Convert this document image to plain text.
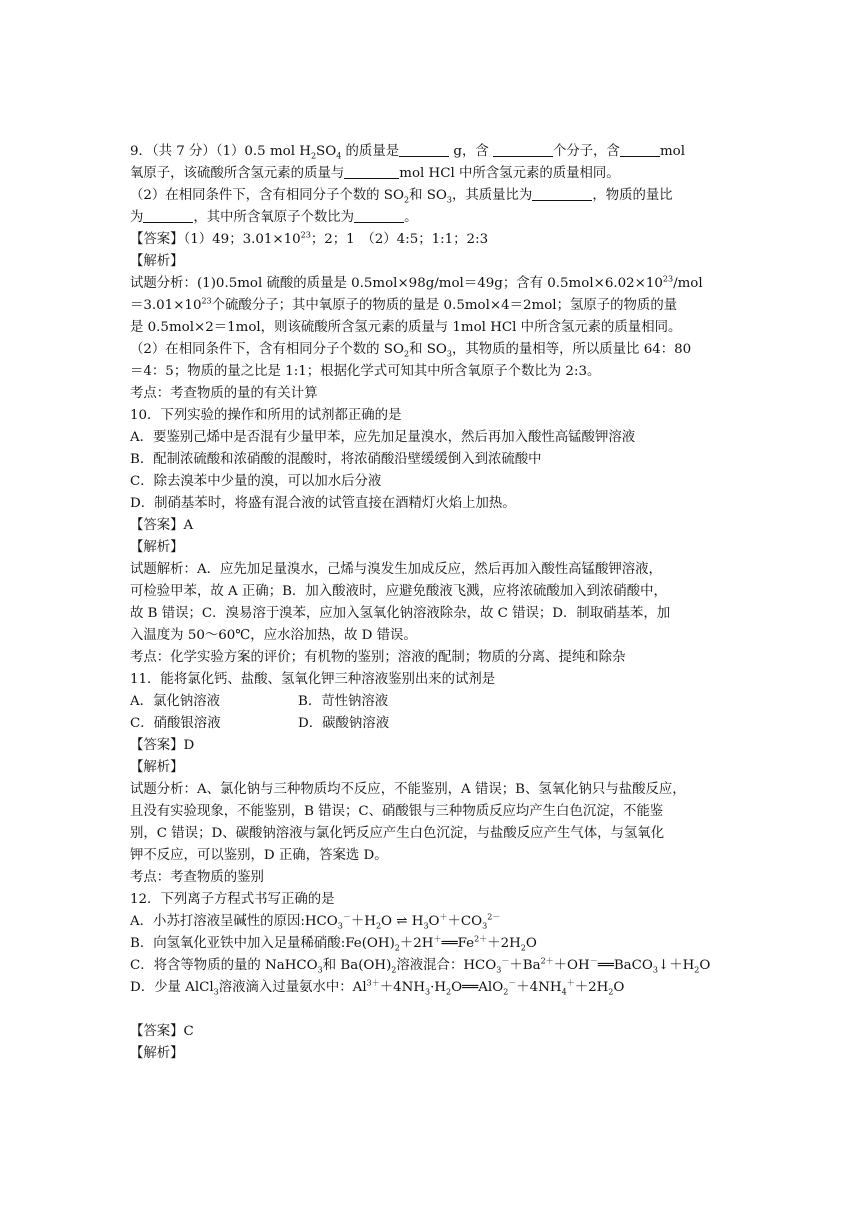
9．（共 7 分）（1）0.5 mol $H_2SO_4$ 的质量是	g，含	个分子，含	mol
氧原子，该硫酸所含氢元素的质量与	mol HCl 中所含氢元素的质量相同。
（2）在相同条件下，含有相同分子个数的 $SO_2$和 $SO_3$，其质量比为	，物质的量比
为	，其中所含氧原子个数比为	。
【答案】（1）49；$3.01\times 10^{23}$；2；1　（2）4:5；1:1；2:3
【解析】
试题分析：(1)0.5mol 硫酸的质量是 0.5mol×98g/mol＝49g；含有 $0.5mol\times 6.02\times 10^{23}$/mol
$=3.01\times 10^{23}$个硫酸分子；其中氧原子的物质的量是 0.5mol×4＝2mol；氢原子的物质的量
是 0.5mol×2＝1mol，则该硫酸所含氢元素的质量与 1mol HCl 中所含氢元素的质量相同。
（2）在相同条件下，含有相同分子个数的 $SO_2$和 $SO_3$，其物质的量相等，所以质量比 64：80
＝4：5；物质的量之比是 1:1；根据化学式可知其中所含氧原子个数比为 2:3。
考点：考查物质的量的有关计算
10．下列实验的操作和所用的试剂都正确的是
A．要鉴别己烯中是否混有少量甲苯，应先加足量溴水，然后再加入酸性高锰酸钾溶液
B．配制浓硫酸和浓硝酸的混酸时，将浓硝酸沿壁缓缓倒入到浓硫酸中
C．除去溴苯中少量的溴，可以加水后分液
D．制硝基苯时，将盛有混合液的试管直接在酒精灯火焰上加热。
【答案】A
【解析】
试题解析：A．应先加足量溴水，己烯与溴发生加成反应，然后再加入酸性高锰酸钾溶液，
可检验甲苯，故 A 正确；B．加入酸液时，应避免酸液飞溅，应将浓硫酸加入到浓硝酸中，
故 B 错误；C．溴易溶于溴苯，应加入氢氧化钠溶液除杂，故 C 错误；D．制取硝基苯，加
入温度为 50～60℃，应水浴加热，故 D 错误。
考点：化学实验方案的评价；有机物的鉴别；溶液的配制；物质的分离、提纯和除杂
11．能将氯化钙、盐酸、氢氧化钾三种溶液鉴别出来的试剂是
A．氯化钠溶液	B．苛性钠溶液
C．硝酸银溶液	D．碳酸钠溶液
【答案】D
【解析】
试题分析：A、氯化钠与三种物质均不反应，不能鉴别，A 错误；B、氢氧化钠只与盐酸反应，
且没有实验现象，不能鉴别，B 错误；C、硝酸银与三种物质反应均产生白色沉淀，不能鉴
别，C 错误；D、碳酸钠溶液与氯化钙反应产生白色沉淀，与盐酸反应产生气体，与氢氧化
钾不反应，可以鉴别，D 正确，答案选 D。
考点：考查物质的鉴别
12．下列离子方程式书写正确的是
A．小苏打溶液呈碱性的原因$:HCO_3^-+H_2O$ ⇌ $H_3O^++CO_3^{2-}$
B．向氢氧化亚铁中加入足量稀硝酸$:Fe(OH)_2+2H^+══Fe^{2+}+2H_2O$
C．将含等物质的量的 NaHCO$_3$和 $Ba(OH)_2$溶液混合：$HCO_3^-+Ba^{2+}+OH^-══BaCO_3↓+H_2O$
D．少量 AlCl$_3$溶液滴入过量氨水中：$Al^{3+}+4NH_3\cdot H_2O══AlO_2^-+4NH_4^++2H_2O$
【答案】C
【解析】
